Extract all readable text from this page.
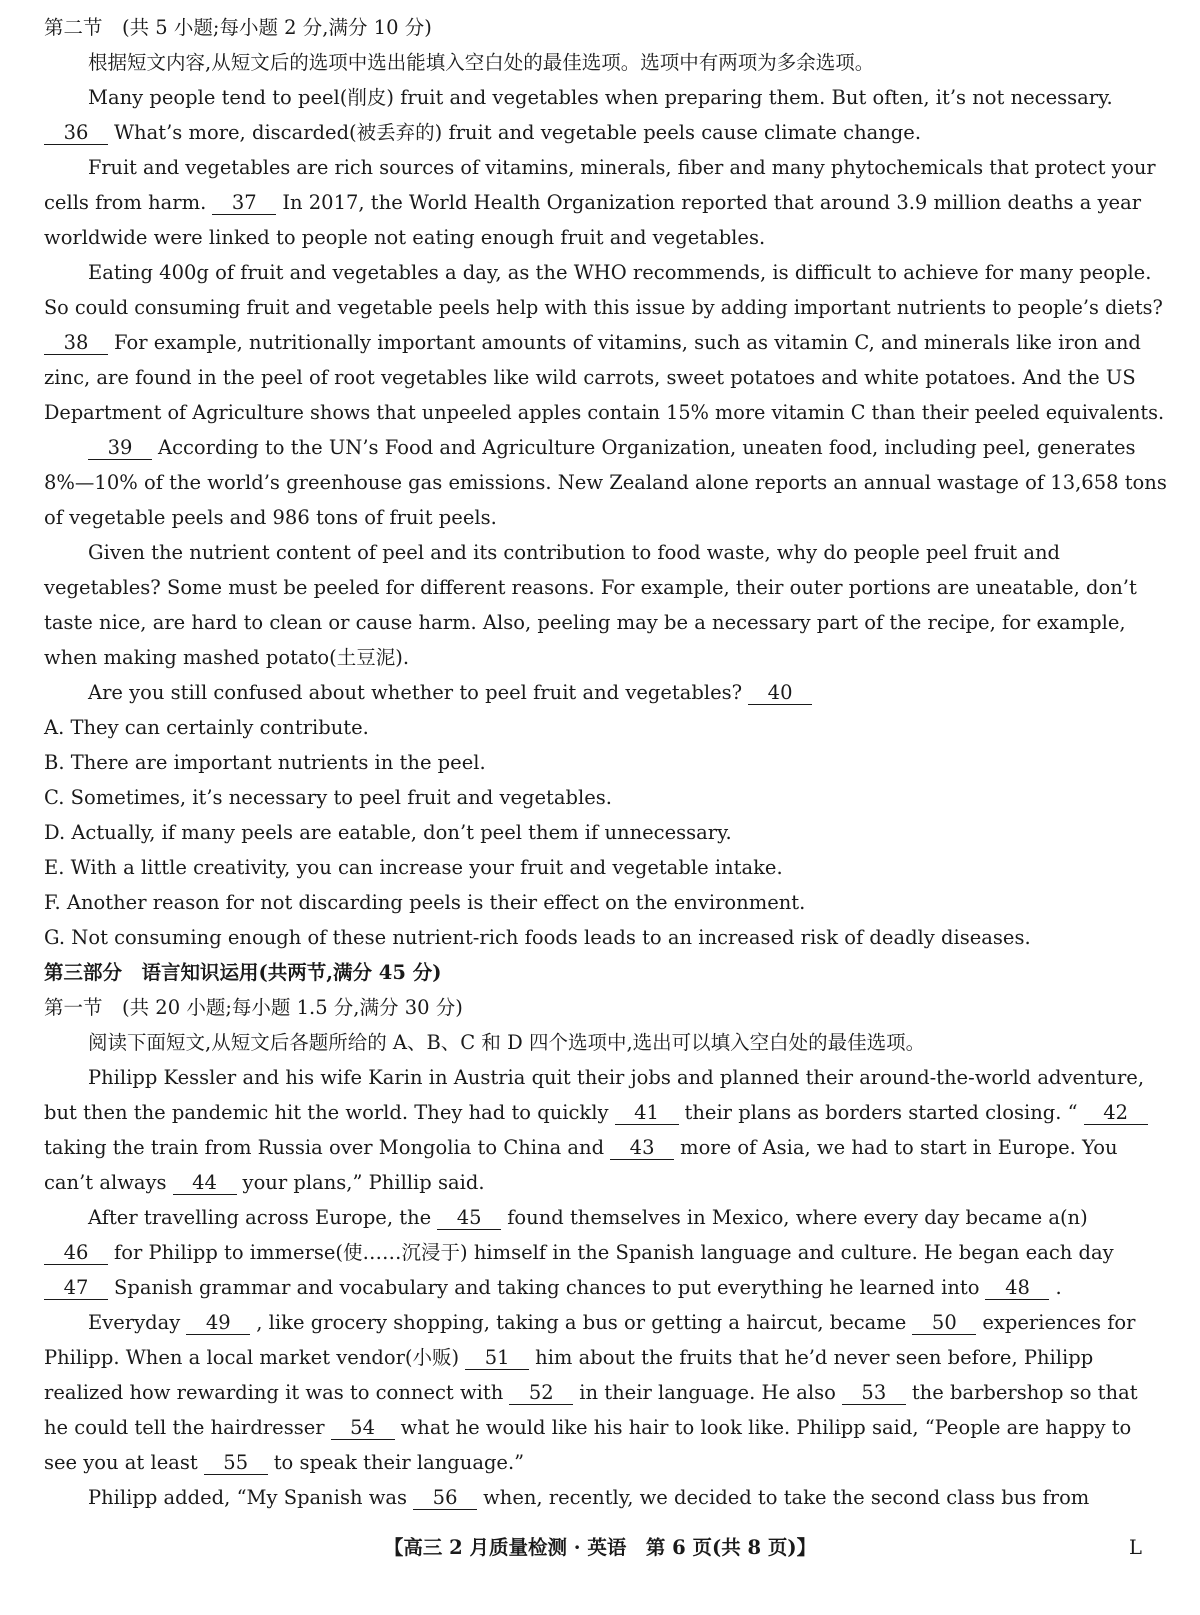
第二节　(共 5 小题;每小题 2 分,满分 10 分)
根据短文内容,从短文后的选项中选出能填入空白处的最佳选项。选项中有两项为多余选项。
Many people tend to peel(削皮) fruit and vegetables when preparing them. But often, it’s not necessary.
36	What’s more, discarded(被丢弃的) fruit and vegetable peels cause climate change.
Fruit and vegetables are rich sources of vitamins, minerals, fiber and many phytochemicals that protect your
cells from harm.	37	In 2017, the World Health Organization reported that around 3.9 million deaths a year
worldwide were linked to people not eating enough fruit and vegetables.
Eating 400g of fruit and vegetables a day, as the WHO recommends, is difficult to achieve for many people.
So could consuming fruit and vegetable peels help with this issue by adding important nutrients to people’s diets?
38	For example, nutritionally important amounts of vitamins, such as vitamin C, and minerals like iron and
zinc, are found in the peel of root vegetables like wild carrots, sweet potatoes and white potatoes. And the US
Department of Agriculture shows that unpeeled apples contain 15% more vitamin C than their peeled equivalents.
39	According to the UN’s Food and Agriculture Organization, uneaten food, including peel, generates
8%—10% of the world’s greenhouse gas emissions. New Zealand alone reports an annual wastage of 13,658 tons
of vegetable peels and 986 tons of fruit peels.
Given the nutrient content of peel and its contribution to food waste, why do people peel fruit and
vegetables? Some must be peeled for different reasons. For example, their outer portions are uneatable, don’t
taste nice, are hard to clean or cause harm. Also, peeling may be a necessary part of the recipe, for example,
when making mashed potato(土豆泥).
Are you still confused about whether to peel fruit and vegetables?	40
A. They can certainly contribute.
B. There are important nutrients in the peel.
C. Sometimes, it’s necessary to peel fruit and vegetables.
D. Actually, if many peels are eatable, don’t peel them if unnecessary.
E. With a little creativity, you can increase your fruit and vegetable intake.
F. Another reason for not discarding peels is their effect on the environment.
G. Not consuming enough of these nutrient-rich foods leads to an increased risk of deadly diseases.
第三部分　语言知识运用(共两节,满分 45 分)
第一节　(共 20 小题;每小题 1.5 分,满分 30 分)
阅读下面短文,从短文后各题所给的 A、B、C 和 D 四个选项中,选出可以填入空白处的最佳选项。
Philipp Kessler and his wife Karin in Austria quit their jobs and planned their around-the-world adventure,
but then the pandemic hit the world. They had to quickly	41	their plans as borders started closing. “	42
taking the train from Russia over Mongolia to China and	43	more of Asia, we had to start in Europe. You
can’t always	44	your plans,” Phillip said.
After travelling across Europe, the	45	found themselves in Mexico, where every day became a(n)
46	for Philipp to immerse(使……沉浸于) himself in the Spanish language and culture. He began each day
47	Spanish grammar and vocabulary and taking chances to put everything he learned into	48	.
Everyday	49	, like grocery shopping, taking a bus or getting a haircut, became	50	experiences for
Philipp. When a local market vendor(小贩)	51	him about the fruits that he’d never seen before, Philipp
realized how rewarding it was to connect with	52	in their language. He also	53	the barbershop so that
he could tell the hairdresser	54	what he would like his hair to look like. Philipp said, “People are happy to
see you at least	55	to speak their language.”
Philipp added, “My Spanish was	56	when, recently, we decided to take the second class bus from
【高三 2 月质量检测 · 英语　第 6 页(共 8 页)】	L
